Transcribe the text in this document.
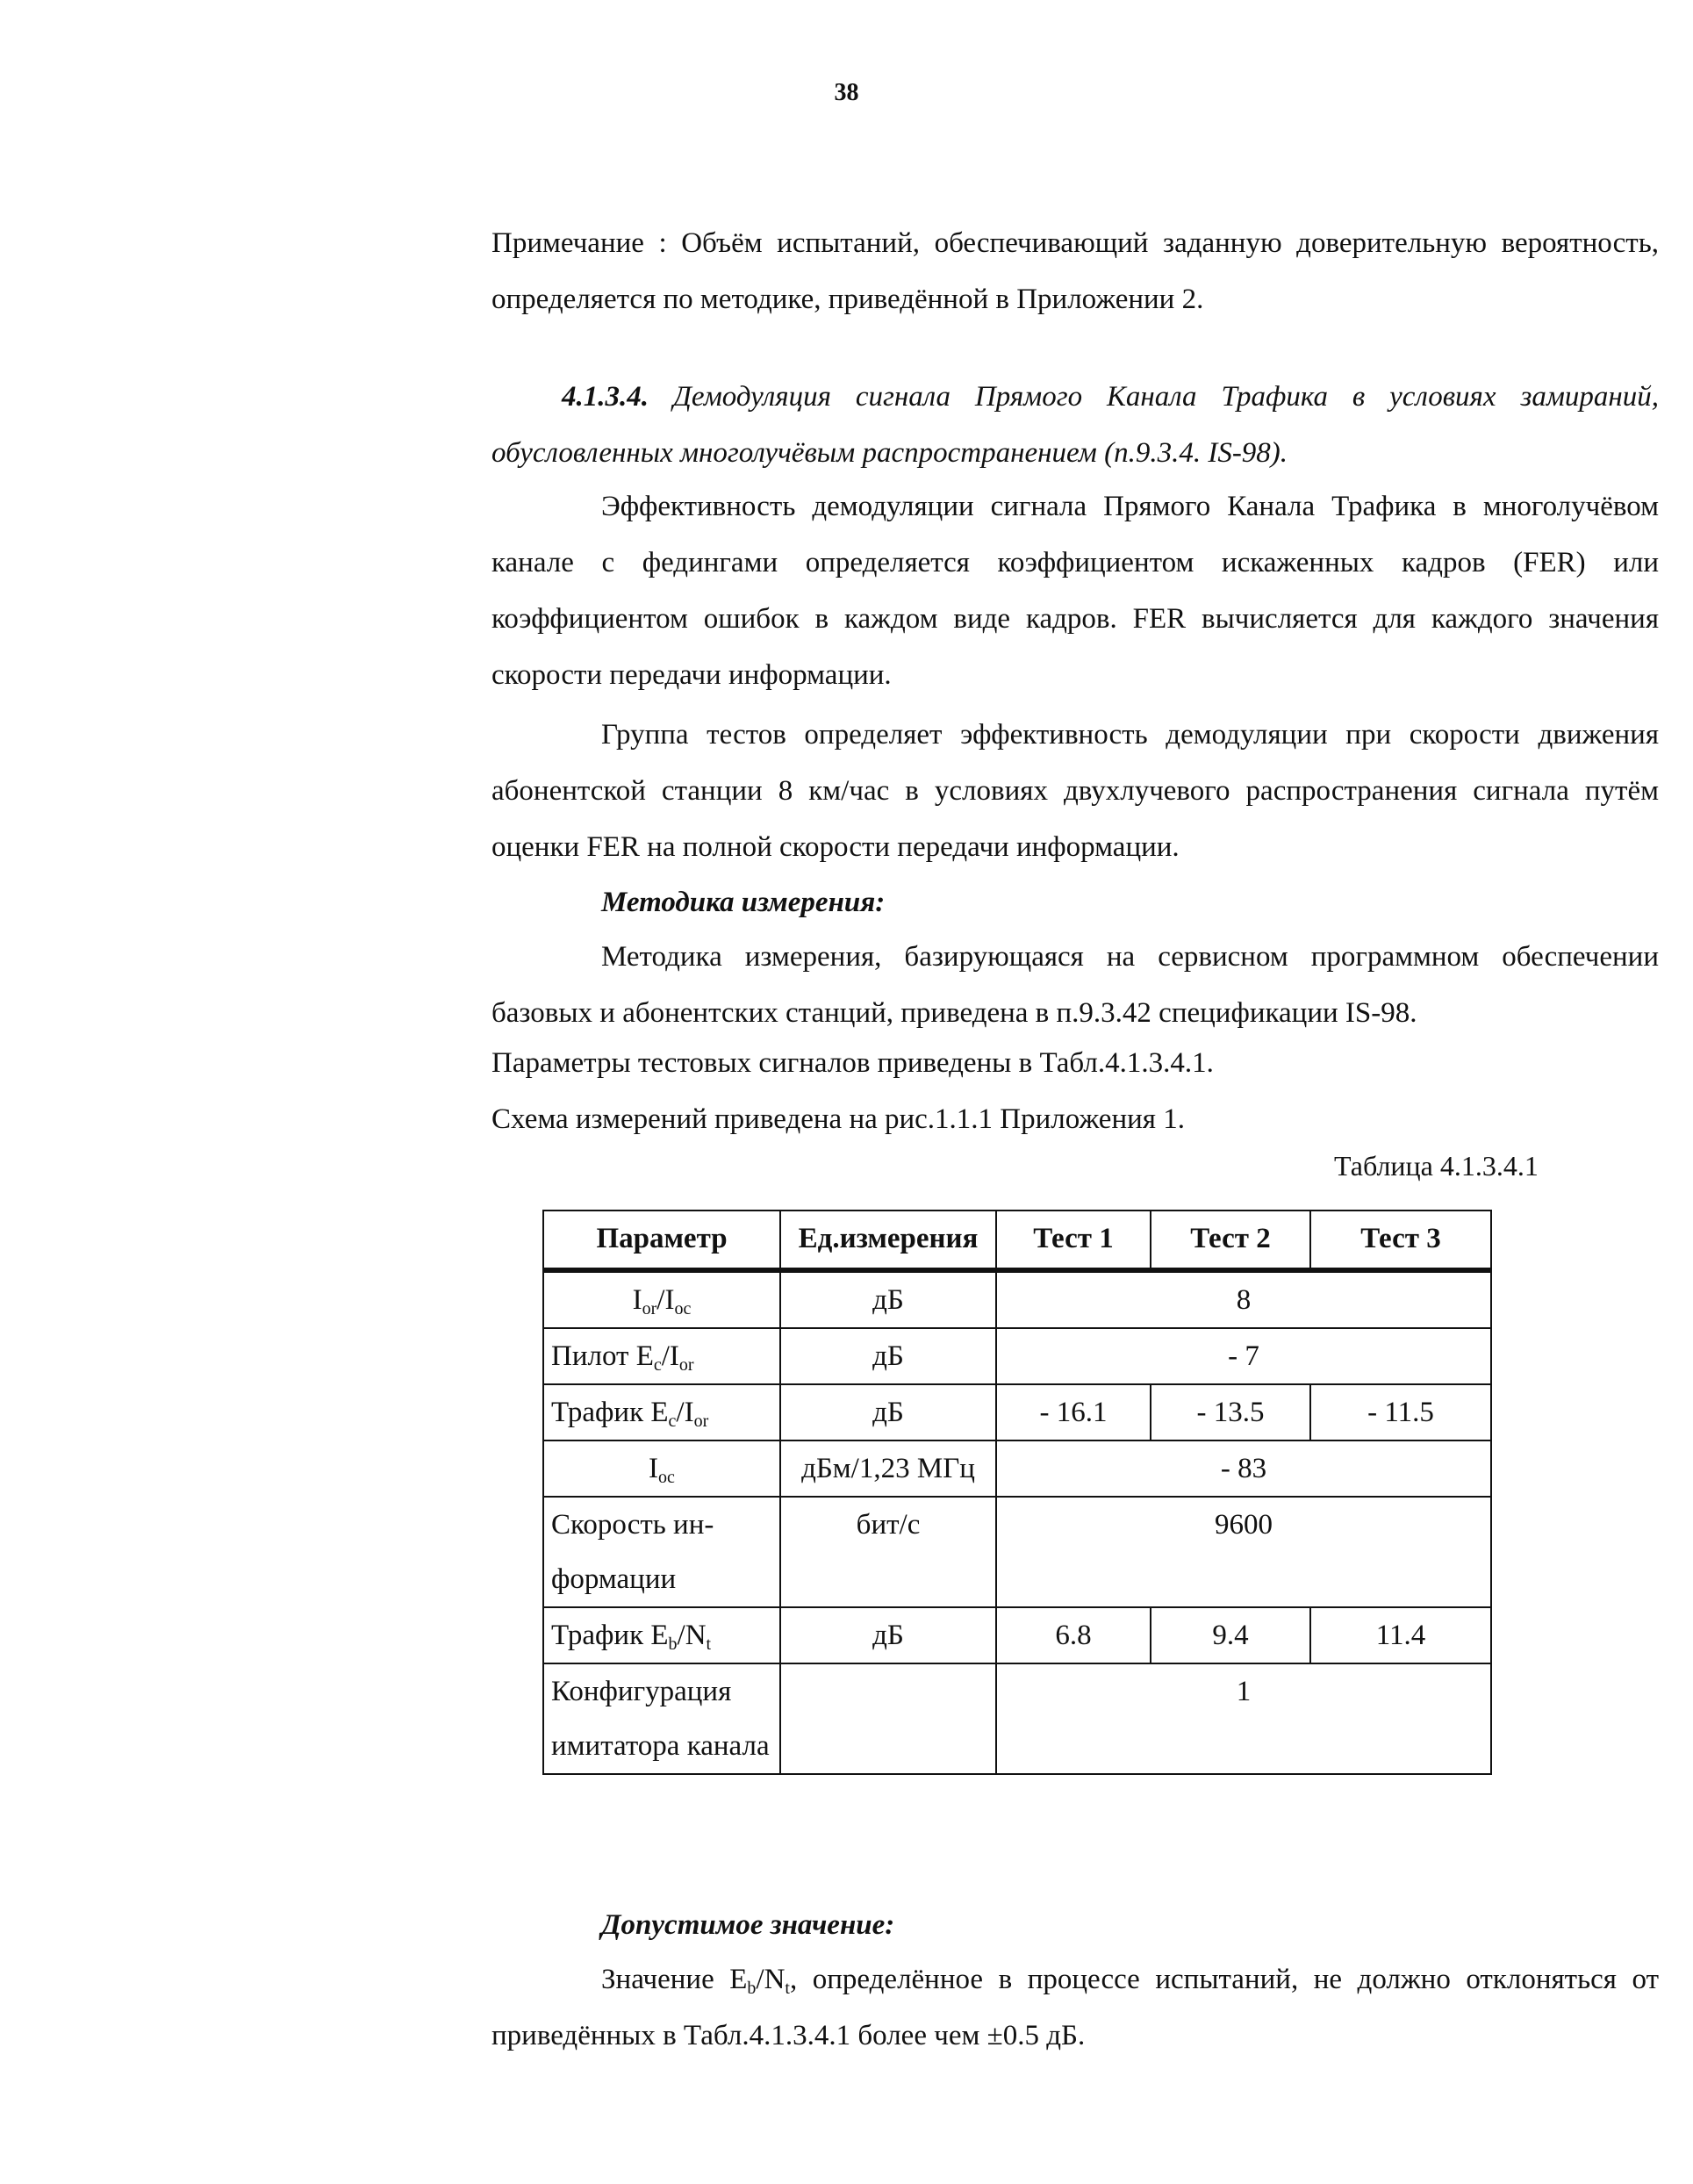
38

Примечание : Объём испытаний, обеспечивающий заданную доверительную вероятность, определяется по методике, приведённой в Приложении 2.

4.1.3.4. Демодуляция сигнала Прямого Канала Трафика в условиях замираний, обусловленных многолучёвым распространением (п.9.3.4. IS-98).

Эффективность демодуляции сигнала Прямого Канала Трафика в многолучёвом канале с федингами определяется коэффициентом искаженных кадров (FER) или коэффициентом ошибок в каждом виде кадров. FER вычисляется для каждого значения скорости передачи информации.

Группа тестов определяет эффективность демодуляции при скорости движения абонентской станции 8 км/час в условиях двухлучевого распространения сигнала путём оценки FER на полной скорости передачи информации.

Методика измерения:

Методика измерения, базирующаяся на сервисном программном обеспечении базовых и абонентских станций, приведена в п.9.3.42 спецификации IS-98.

Параметры тестовых сигналов приведены в Табл.4.1.3.4.1.
Схема измерений приведена на рис.1.1.1 Приложения 1.
Таблица 4.1.3.4.1
Параметр	Ед.измерения	Тест 1	Тест 2	Тест 3
$I_{or}/I_{oc}$	дБ	8		
Пилот $E_c/I_{or}$	дБ	- 7		
Трафик $E_c/I_{or}$	дБ	- 16.1	- 13.5	- 11.5
$I_{oc}$	дБм/1,23 МГц	- 83		
Скорость ин-формации	бит/с	9600		
Трафик $E_b/N_t$	дБ	6.8	9.4	11.4
Конфигурация имитатора канала		1		
Допустимое значение:

Значение $E_b/N_t$, определённое в процессе испытаний, не должно отклоняться от приведённых в Табл.4.1.3.4.1 более чем ±0.5 дБ.
